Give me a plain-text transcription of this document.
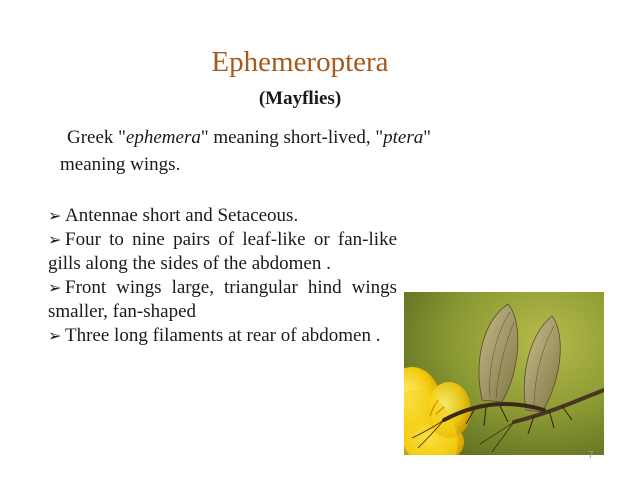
Ephemeroptera
(Mayflies)
Greek "ephemera" meaning short-lived, "ptera"
meaning wings.

➢ Antennae short and Setaceous.

➢ Four to nine pairs of leaf-like or fan-like gills along the sides of the abdomen .

➢ Front wings large, triangular hind wings smaller, fan-shaped

➢ Three long filaments at rear of abdomen .

7
